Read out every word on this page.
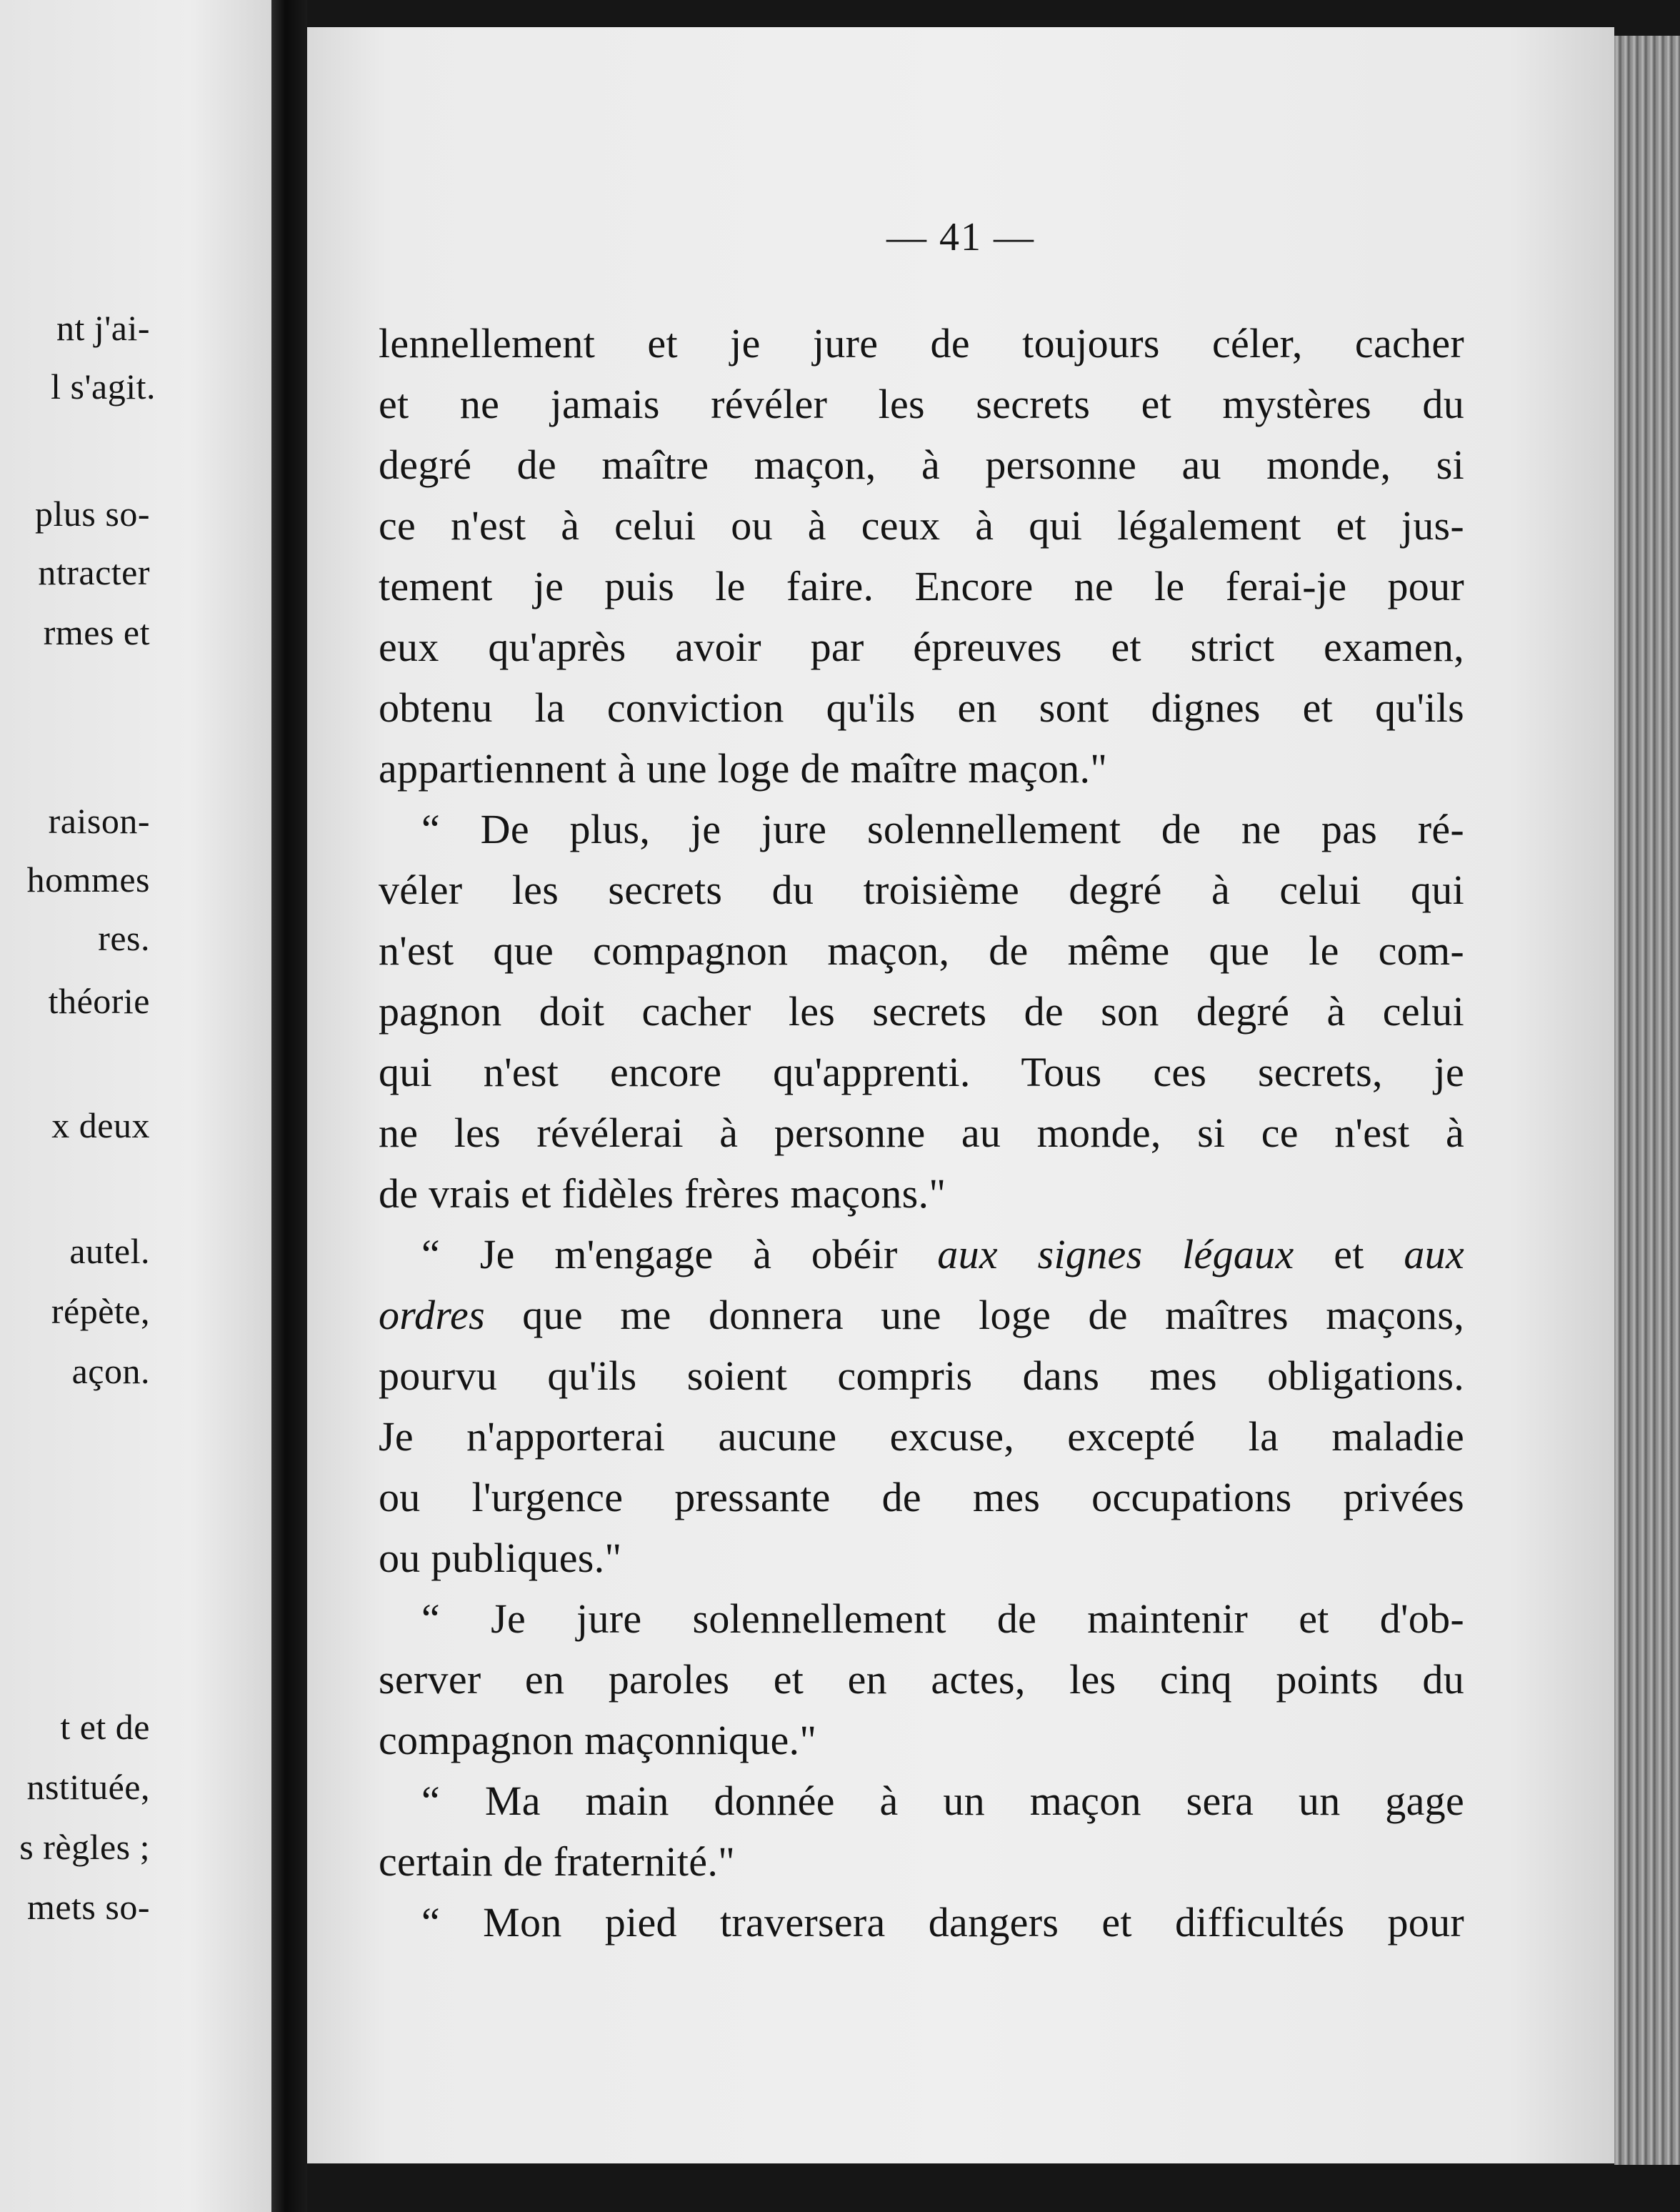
nt j'ai-
l s'agit.
plus so-
ntracter
rmes et
raison-
hommes
res.
théorie
x deux
autel.
répète,
açon.
t et de
nstituée,
s règles ;
mets so-
— 41 —
lennellement et je jure de toujours céler, cacher
et ne jamais révéler les secrets et mystères du
degré de maître maçon, à personne au monde, si
ce n'est à celui ou à ceux à qui légalement et jus-
tement je puis le faire. Encore ne le ferai-je pour
eux qu'après avoir par épreuves et strict examen,
obtenu la conviction qu'ils en sont dignes et qu'ils
appartiennent à une loge de maître maçon."
“ De plus, je jure solennellement de ne pas ré-
véler les secrets du troisième degré à celui qui
n'est que compagnon maçon, de même que le com-
pagnon doit cacher les secrets de son degré à celui
qui n'est encore qu'apprenti. Tous ces secrets, je
ne les révélerai à personne au monde, si ce n'est à
de vrais et fidèles frères maçons."
“ Je m'engage à obéir aux signes légaux et aux
ordres que me donnera une loge de maîtres maçons,
pourvu qu'ils soient compris dans mes obligations.
Je n'apporterai aucune excuse, excepté la maladie
ou l'urgence pressante de mes occupations privées
ou publiques."
“ Je jure solennellement de maintenir et d'ob-
server en paroles et en actes, les cinq points du
compagnon maçonnique."
“ Ma main donnée à un maçon sera un gage
certain de fraternité."
“ Mon pied traversera dangers et difficultés pour
